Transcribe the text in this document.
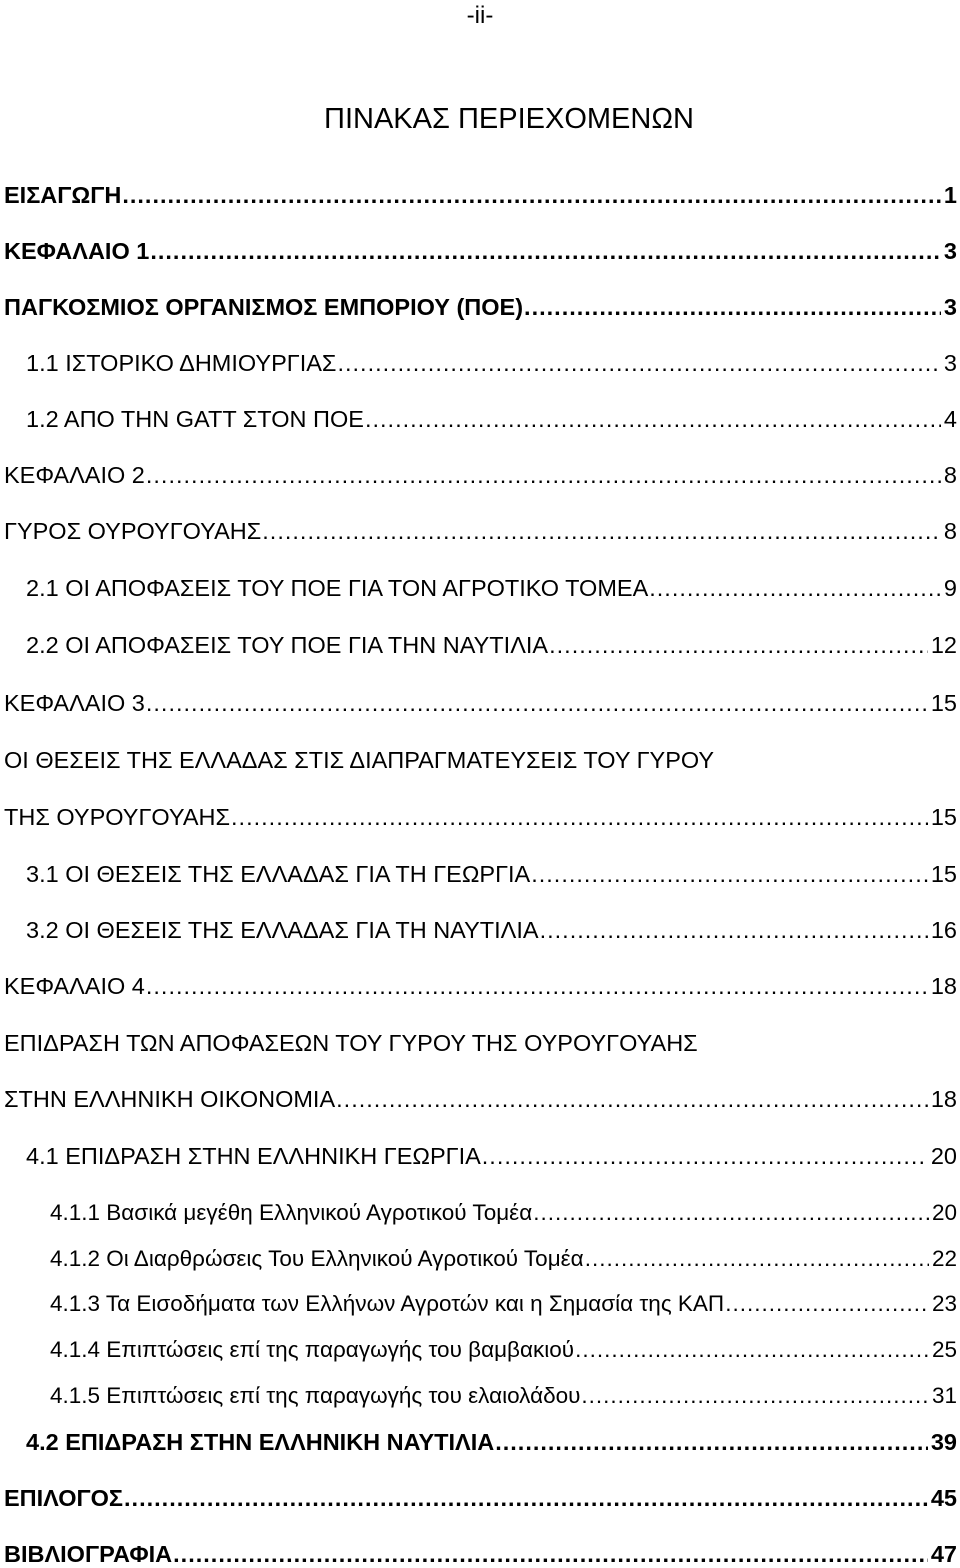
-ii-
ΠΙΝΑΚΑΣ ΠΕΡΙΕΧΟΜΕΝΩΝ
ΕΙΣΑΓΩΓΗ .....	1
ΚΕΦΑΛΑΙΟ 1 .....	3
ΠΑΓΚΟΣΜΙΟΣ ΟΡΓΑΝΙΣΜΟΣ ΕΜΠΟΡΙΟΥ (ΠΟΕ) .....	3
1.1 ΙΣΤΟΡΙΚΟ ΔΗΜΙΟΥΡΓΙΑΣ .....	3
1.2 ΑΠΟ ΤΗΝ GATT ΣΤΟΝ ΠΟΕ .....	4
ΚΕΦΑΛΑΙΟ 2 .....	8
ΓΥΡΟΣ ΟΥΡΟΥΓΟΥΑΗΣ .....	8
2.1 ΟΙ ΑΠΟΦΑΣΕΙΣ ΤΟΥ ΠΟΕ ΓΙΑ ΤΟΝ ΑΓΡΟΤΙΚΟ ΤΟΜΕΑ .....	9
2.2 ΟΙ ΑΠΟΦΑΣΕΙΣ ΤΟΥ ΠΟΕ ΓΙΑ ΤΗΝ ΝΑΥΤΙΛΙΑ .....	12
ΚΕΦΑΛΑΙΟ 3 .....	15
ΟΙ ΘΕΣΕΙΣ ΤΗΣ ΕΛΛΑΔΑΣ ΣΤΙΣ ΔΙΑΠΡΑΓΜΑΤΕΥΣΕΙΣ ΤΟΥ ΓΥΡΟΥ
ΤΗΣ ΟΥΡΟΥΓΟΥΑΗΣ .....	15
3.1 ΟΙ ΘΕΣΕΙΣ ΤΗΣ ΕΛΛΑΔΑΣ ΓΙΑ ΤΗ ΓΕΩΡΓΙΑ .....	15
3.2 ΟΙ ΘΕΣΕΙΣ ΤΗΣ ΕΛΛΑΔΑΣ ΓΙΑ ΤΗ ΝΑΥΤΙΛΙΑ .....	16
ΚΕΦΑΛΑΙΟ 4 .....	18
ΕΠΙΔΡΑΣΗ ΤΩΝ ΑΠΟΦΑΣΕΩΝ ΤΟΥ ΓΥΡΟΥ ΤΗΣ ΟΥΡΟΥΓΟΥΑΗΣ
ΣΤΗΝ ΕΛΛΗΝΙΚΗ ΟΙΚΟΝΟΜΙΑ .....	18
4.1 ΕΠΙΔΡΑΣΗ ΣΤΗΝ ΕΛΛΗΝΙΚΗ ΓΕΩΡΓΙΑ .....	20
4.1.1 Βασικά μεγέθη Ελληνικού Αγροτικού Τομέα .....	20
4.1.2 Οι Διαρθρώσεις Του Ελληνικού Αγροτικού Τομέα .....	22
4.1.3 Τα Εισοδήματα των Ελλήνων Αγροτών και η Σημασία της ΚΑΠ .....	23
4.1.4 Επιπτώσεις επί της παραγωγής του βαμβακιού .....	25
4.1.5 Επιπτώσεις επί της παραγωγής του ελαιολάδου .....	31
4.2 ΕΠΙΔΡΑΣΗ ΣΤΗΝ ΕΛΛΗΝΙΚΗ ΝΑΥΤΙΛΙΑ .....	39
ΕΠΙΛΟΓΟΣ .....	45
ΒΙΒΛΙΟΓΡΑΦΙΑ .....	47
